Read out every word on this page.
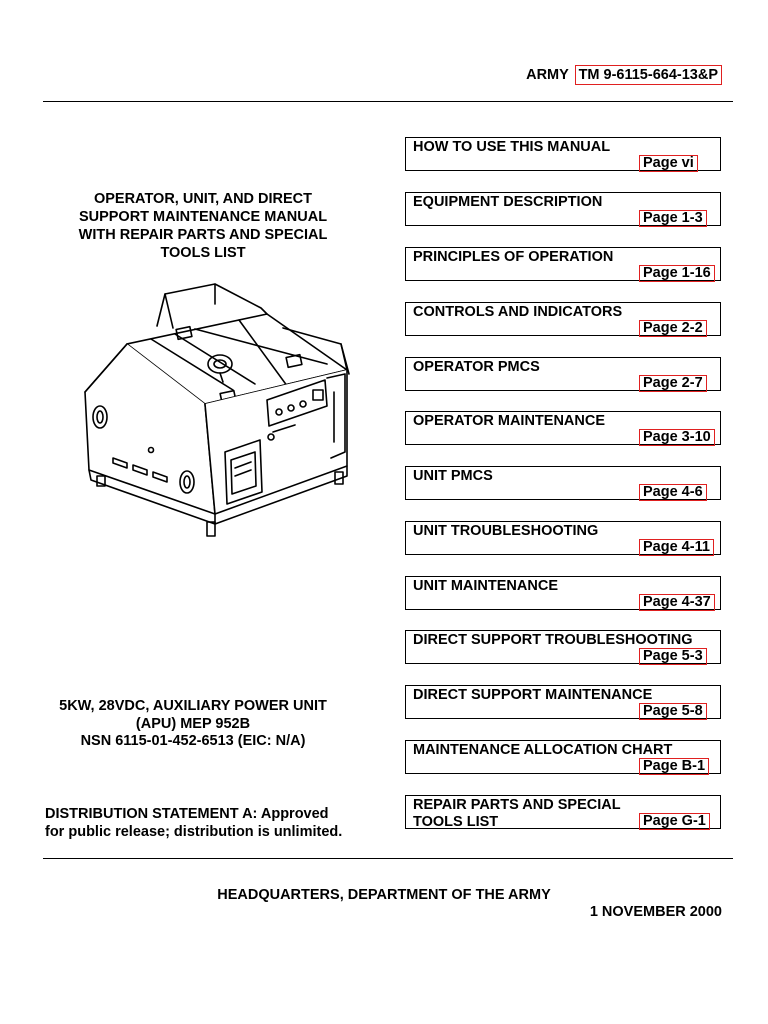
ARMY TM 9-6115-664-13&P
OPERATOR, UNIT, AND DIRECT
SUPPORT MAINTENANCE MANUAL
WITH REPAIR PARTS AND SPECIAL
TOOLS LIST
5KW, 28VDC, AUXILIARY POWER UNIT
(APU) MEP 952B
NSN 6115-01-452-6513 (EIC: N/A)
DISTRIBUTION STATEMENT A: Approved
for public release; distribution is unlimited.
HOW TO USE THIS MANUAL
Page vi
EQUIPMENT DESCRIPTION
Page 1-3
PRINCIPLES OF OPERATION
Page 1-16
CONTROLS AND INDICATORS
Page 2-2
OPERATOR PMCS
Page 2-7
OPERATOR MAINTENANCE
Page 3-10
UNIT PMCS
Page 4-6
UNIT TROUBLESHOOTING
Page 4-11
UNIT MAINTENANCE
Page 4-37
DIRECT SUPPORT TROUBLESHOOTING
Page 5-3
DIRECT SUPPORT MAINTENANCE
Page 5-8
MAINTENANCE ALLOCATION CHART
Page B-1
REPAIR PARTS AND SPECIAL
TOOLS LIST	Page G-1
HEADQUARTERS, DEPARTMENT OF THE ARMY
1 NOVEMBER 2000
